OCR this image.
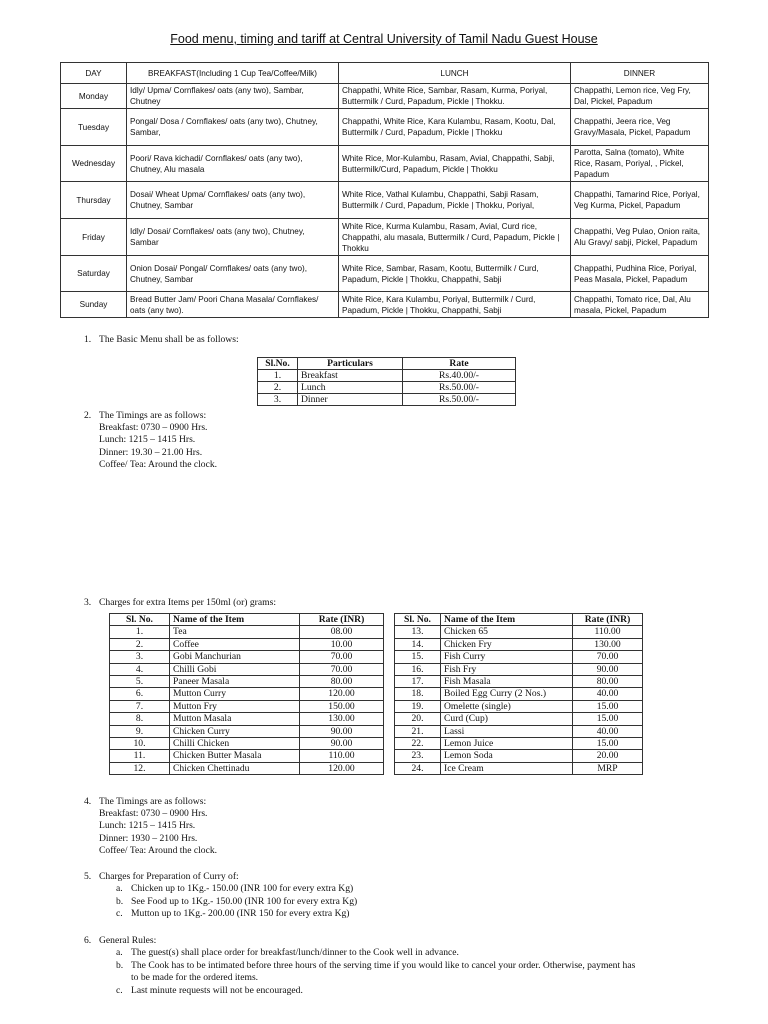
Food menu, timing and tariff at Central University of Tamil Nadu Guest House
DAY	BREAKFAST(Including 1 Cup Tea/Coffee/Milk)	LUNCH	DINNER
Monday	Idly/ Upma/ Cornflakes/ oats (any two), Sambar, Chutney	Chappathi, White Rice, Sambar, Rasam, Kurma, Poriyal, Buttermilk / Curd, Papadum, Pickle | Thokku.	Chappathi, Lemon rice, Veg Fry, Dal, Pickel, Papadum
Tuesday	Pongal/ Dosa / Cornflakes/ oats (any two), Chutney, Sambar,	Chappathi, White Rice, Kara Kulambu, Rasam, Kootu, Dal, Buttermilk / Curd, Papadum, Pickle | Thokku	Chappathi, Jeera rice, Veg Gravy/Masala, Pickel, Papadum
Wednesday	Poori/ Rava kichadi/ Cornflakes/ oats (any two), Chutney, Alu masala	White Rice, Mor-Kulambu, Rasam, Avial, Chappathi, Sabji, Buttermilk/Curd, Papadum, Pickle | Thokku	Parotta, Salna (tomato), White Rice, Rasam, Poriyal, , Pickel, Papadum
Thursday	Dosai/ Wheat Upma/ Cornflakes/ oats (any two), Chutney, Sambar	White Rice, Vathal Kulambu, Chappathi, Sabji Rasam, Buttermilk / Curd, Papadum, Pickle | Thokku, Poriyal,	Chappathi, Tamarind Rice, Poriyal, Veg Kurma, Pickel, Papadum
Friday	Idly/ Dosai/ Cornflakes/ oats (any two), Chutney, Sambar	White Rice, Kurma Kulambu, Rasam, Avial, Curd rice, Chappathi, alu masala, Buttermilk / Curd, Papadum, Pickle | Thokku	Chappathi, Veg Pulao, Onion raita, Alu Gravy/ sabji, Pickel, Papadum
Saturday	Onion Dosai/ Pongal/ Cornflakes/ oats (any two), Chutney, Sambar	White Rice, Sambar, Rasam, Kootu, Buttermilk / Curd, Papadum, Pickle | Thokku, Chappathi, Sabji	Chappathi, Pudhina Rice, Poriyal, Peas Masala, Pickel, Papadum
Sunday	Bread Butter Jam/ Poori Chana Masala/ Cornflakes/ oats (any two).	White Rice, Kara Kulambu, Poriyal, Buttermilk / Curd, Papadum, Pickle | Thokku, Chappathi, Sabji	Chappathi, Tomato rice, Dal, Alu masala, Pickel, Papadum
1. The Basic Menu shall be as follows:
Sl.No.	Particulars	Rate
1.	Breakfast	Rs.40.00/-
2.	Lunch	Rs.50.00/-
3.	Dinner	Rs.50.00/-
2. The Timings are as follows:
Breakfast: 0730 – 0900 Hrs.
Lunch: 1215 – 1415 Hrs.
Dinner: 19.30 – 21.00 Hrs.
Coffee/ Tea: Around the clock.
3. Charges for extra Items per 150ml (or) grams:
Sl. No.	Name of the Item	Rate (INR)
1.	Tea	08.00
2.	Coffee	10.00
3.	Gobi Manchurian	70.00
4.	Chilli Gobi	70.00
5.	Paneer Masala	80.00
6.	Mutton Curry	120.00
7.	Mutton Fry	150.00
8.	Mutton Masala	130.00
9.	Chicken Curry	90.00
10.	Chilli Chicken	90.00
11.	Chicken Butter Masala	110.00
12.	Chicken Chettinadu	120.00
Sl. No.	Name of the Item	Rate (INR)
13.	Chicken 65	110.00
14.	Chicken Fry	130.00
15.	Fish Curry	70.00
16.	Fish Fry	90.00
17.	Fish Masala	80.00
18.	Boiled Egg Curry (2 Nos.)	40.00
19.	Omelette (single)	15.00
20.	Curd (Cup)	15.00
21.	Lassi	40.00
22.	Lemon Juice	15.00
23.	Lemon Soda	20.00
24.	Ice Cream	MRP
4. The Timings are as follows:
Breakfast: 0730 – 0900 Hrs.
Lunch: 1215 – 1415 Hrs.
Dinner: 1930 – 2100 Hrs.
Coffee/ Tea: Around the clock.
5. Charges for Preparation of Curry of:
a. Chicken up to 1Kg.- 150.00 (INR 100 for every extra Kg)
b. See Food up to 1Kg.- 150.00 (INR 100 for every extra Kg)
c. Mutton up to 1Kg.- 200.00 (INR 150 for every extra Kg)
6. General Rules:
a. The guest(s) shall place order for breakfast/lunch/dinner to the Cook well in advance.
b. The Cook has to be intimated before three hours of the serving time if you would like to cancel your order. Otherwise, payment has
to be made for the ordered items.
c. Last minute requests will not be encouraged.
